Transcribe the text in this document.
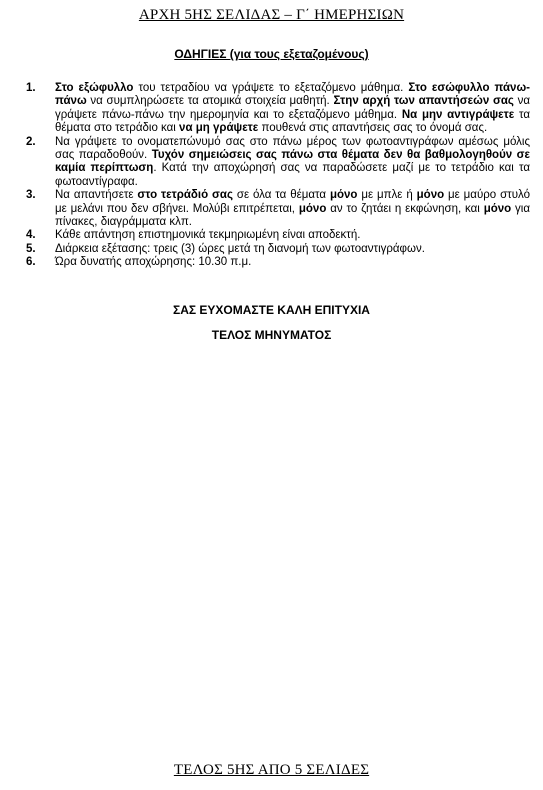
ΑΡΧΗ 5ΗΣ ΣΕΛΙΔΑΣ – Γ΄ ΗΜΕΡΗΣΙΩΝ
ΟΔΗΓΙΕΣ (για τους εξεταζομένους)
1.	Στο εξώφυλλο του τετραδίου να γράψετε το εξεταζόμενο μάθημα. Στο εσώφυλλο πάνω-πάνω να συμπληρώσετε τα ατομικά στοιχεία μαθητή. Στην αρχή των απαντήσεών σας να γράψετε πάνω-πάνω την ημερομηνία και το εξεταζόμενο μάθημα. Να μην αντιγράψετε τα θέματα στο τετράδιο και να μη γράψετε πουθενά στις απαντήσεις σας το όνομά σας.
2.	Να γράψετε το ονοματεπώνυμό σας στο πάνω μέρος των φωτοαντιγράφων αμέσως μόλις σας παραδοθούν. Τυχόν σημειώσεις σας πάνω στα θέματα δεν θα βαθμολογηθούν σε καμία περίπτωση. Κατά την αποχώρησή σας να παραδώσετε μαζί με το τετράδιο και τα φωτοαντίγραφα.
3.	Να απαντήσετε στο τετράδιό σας σε όλα τα θέματα μόνο με μπλε ή μόνο με μαύρο στυλό με μελάνι που δεν σβήνει. Μολύβι επιτρέπεται, μόνο αν το ζητάει η εκφώνηση, και μόνο για πίνακες, διαγράμματα κλπ.
4.	Κάθε απάντηση επιστημονικά τεκμηριωμένη είναι αποδεκτή.
5.	Διάρκεια εξέτασης: τρεις (3) ώρες μετά τη διανομή των φωτοαντιγράφων.
6.	Ώρα δυνατής αποχώρησης: 10.30 π.μ.
ΣΑΣ ΕΥΧΟΜΑΣΤΕ ΚΑΛΗ ΕΠΙΤΥΧΙΑ
ΤΕΛΟΣ ΜΗΝΥΜΑΤΟΣ
ΤΕΛΟΣ 5ΗΣ ΑΠΟ 5 ΣΕΛΙΔΕΣ
